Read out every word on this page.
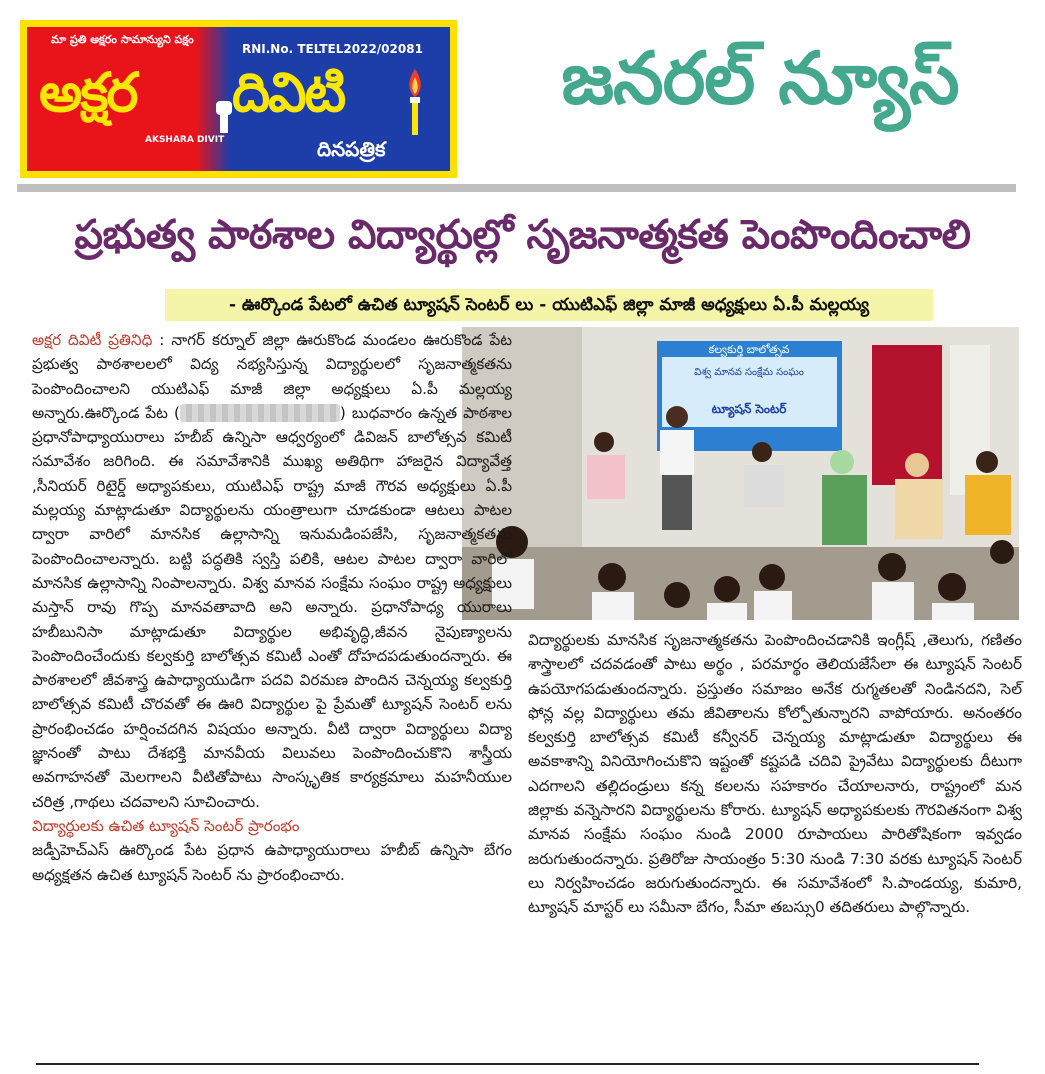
మా ప్రతి అక్షరం సామాన్యుని పక్షం
RNI.No. TELTEL2022/02081
అక్షర దివిటి
AKSHARA DIVIT	దినపత్రిక
జనరల్ న్యూస్
ప్రభుత్వ పాఠశాల విద్యార్థుల్లో సృజనాత్మకత పెంపొందించాలి
- ఊర్కొండ పేటలో ఉచిత ట్యూషన్ సెంటర్ లు - యుటిఎఫ్ జిల్లా మాజీ అధ్యక్షులు ఏ.పీ మల్లయ్య
కల్వకుర్తి బాలోత్సవ
విశ్వ మానవ సంక్షేమ సంఘం
ట్యూషన్ సెంటర్

అక్షర దివిటీ ప్రతినిధి : నాగర్ కర్నూల్ జిల్లా ఊరుకొండ మండలం ఊరుకొండ పేట ప్రభుత్వ పాఠశాలలలో విద్య నభ్యసిస్తున్న విద్యార్థులలో సృజనాత్మకతను పెంపొందించాలని యుటిఎఫ్ మాజీ జిల్లా అధ్యక్షులు ఏ.పీ మల్లయ్య అన్నారు.ఊర్కొండ పేట (	) బుధవారం ఉన్నత పాఠశాల ప్రధానోపాధ్యాయురాలు హబీబ్ ఉన్నిసా ఆధ్వర్యంలో డివిజన్ బాలోత్సవ కమిటీ సమావేశం జరిగింది. ఈ సమావేశానికి ముఖ్య అతిథిగా హాజరైన విద్యావేత్త ,సీనియర్ రిటైర్డ్ అధ్యాపకులు, యుటిఎఫ్ రాష్ట్ర మాజీ గౌరవ అధ్యక్షులు ఏ.పీ మల్లయ్య మాట్లాడుతూ విద్యార్థులను యంత్రాలుగా చూడకుండా ఆటలు పాటల ద్వారా వారిలో మానసిక ఉల్లాసాన్ని ఇనుమడింపజేసి, సృజనాత్మకతను పెంపొందించాలన్నారు. బట్టి పద్ధతికి స్వస్తి పలికి, ఆటల పాటల ద్వారా వారిలో మానసిక ఉల్లాసాన్ని నింపాలన్నారు. విశ్వ మానవ సంక్షేమ సంఘం రాష్ట్ర అధ్యక్షులు మస్తాన్ రావు గొప్ప మానవతావాది అని అన్నారు. ప్రధానోపాధ్య యురాలు హబీబునిసా మాట్లాడుతూ విద్యార్థుల అభివృద్ధి,జీవన నైపుణ్యాలను పెంపొందించేందుకు కల్వకుర్తి బాలోత్సవ కమిటీ ఎంతో దోహదపడుతుందన్నారు. ఈ పాఠశాలలో జీవశాస్త్ర ఉపాధ్యాయుడిగా పదవి విరమణ పొందిన చెన్నయ్య కల్వకుర్తి బాలోత్సవ కమిటీ చొరవతో ఈ ఊరి విద్యార్థుల పై ప్రేమతో ట్యూషన్ సెంటర్ లను ప్రారంభించడం హర్షించదగిన విషయం అన్నారు. వీటి ద్వారా విద్యార్థులు విద్యా జ్ఞానంతో పాటు దేశభక్తి మానవీయ విలువలు పెంపొందించుకొని శాస్త్రీయ అవగాహనతో మెలగాలని వీటితోపాటు సాంస్కృతిక కార్యక్రమాలు మహనీయుల చరిత్ర ,గాథలు చదవాలని సూచించారు.

విద్యార్థులకు ఉచిత ట్యూషన్ సెంటర్ ప్రారంభం

జడ్పీహెచ్ఎస్ ఊర్కొండ పేట ప్రధాన ఉపాధ్యాయురాలు హబీబ్ ఉన్నిసా బేగం అధ్యక్షతన ఉచిత ట్యూషన్ సెంటర్ ను ప్రారంభించారు.

విద్యార్థులకు మానసిక సృజనాత్మకతను పెంపొందించడానికి ఇంగ్లీష్ ,తెలుగు, గణితం శాస్త్రాలలో చదవడంతో పాటు అర్థం , పరమార్థం తెలియజేసేలా ఈ ట్యూషన్ సెంటర్ ఉపయోగపడుతుందన్నారు. ప్రస్తుతం సమాజం అనేక రుగ్మతలతో నిండినదని, సెల్ ఫోన్ల వల్ల విద్యార్థులు తమ జీవితాలను కోల్పోతున్నారని వాపోయారు. అనంతరం కల్వకుర్తి బాలోత్సవ కమిటీ కన్వీనర్ చెన్నయ్య మాట్లాడుతూ విద్యార్థులు ఈ అవకాశాన్ని వినియోగించుకొని ఇష్టంతో కష్టపడి చదివి ప్రైవేటు విద్యార్థులకు దీటుగా ఎదగాలని తల్లిదండ్రులు కన్న కలలను సహకారం చేయాలనారు, రాష్ట్రంలో మన జిల్లాకు వన్నెసారని విద్యార్థులను కోరారు. ట్యూషన్ అధ్యాపకులకు గౌరవితనంగా విశ్వ మానవ సంక్షేమ సంఘం నుండి 2000 రూపాయలు పారితోషికంగా ఇవ్వడం జరుగుతుందన్నారు. ప్రతిరోజు సాయంత్రం 5:30 నుండి 7:30 వరకు ట్యూషన్ సెంటర్ లు నిర్వహించడం జరుగుతుందన్నారు. ఈ సమావేశంలో సి.పాండయ్య, కుమారి, ట్యూషన్ మాస్టర్ లు సమీనా బేగం, సీమా తబస్సు0 తదితరులు పాల్గొన్నారు.
